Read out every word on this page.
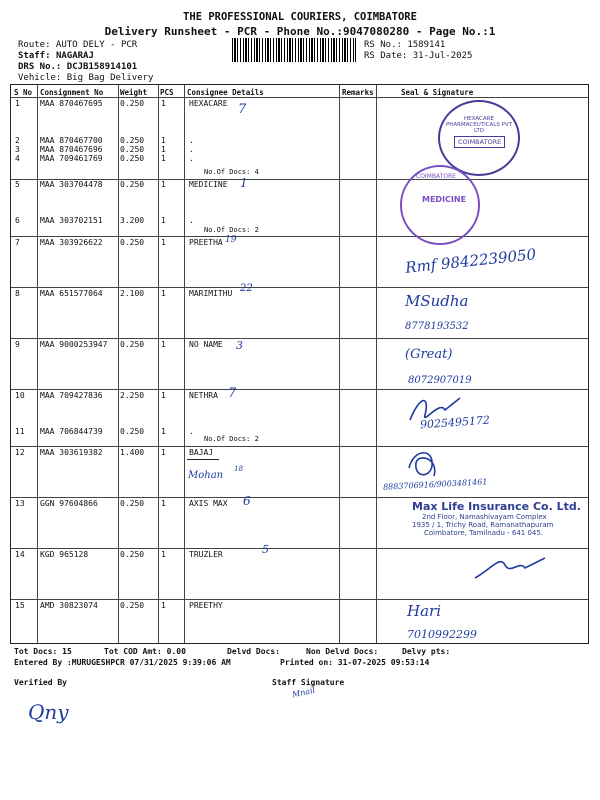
THE PROFESSIONAL COURIERS, COIMBATORE
Delivery Runsheet - PCR - Phone No.:9047080280 - Page No.:1
Route: AUTO DELY - PCR
Staff: NAGARAJ
DRS No.: DCJB158914101
Vehicle: Big Bag Delivery
RS No.: 1589141
RS Date: 31-Jul-2025
S No Consignment No Weight PCS Consignee Details	Remarks	Seal & Signature
1	MAA 870467695 0.250 1	HEXACARE
2	MAA 870467700 0.250 1	.
3	MAA 870467696 0.250 1	.
4	MAA 709461769 0.250 1	.
5	MAA 303704478 0.250 1	MEDICINE
6	MAA 303702151 3.200 1	.
7	MAA 303926622 0.250 1	PREETHA
8	MAA 651577064 2.100 1	MARIMITHU
9	MAA 9000253947 0.250 1	NO NAME
10 MAA 709427836 2.250 1	NETHRA
11 MAA 706844739 0.250 1	.
12 MAA 303619382 1.400 1	BAJAJ
13 GGN 97604866	0.250 1	AXIS MAX
14 KGD 965128	0.250 1	TRUZLER
15 AMD 30823074	0.250 1	PREETHY
No.Of Docs: 4
No.Of Docs: 2
No.Of Docs: 2
7
1
19
Rmf 9842239050
22
MSudha
8778193532
3
(Great)
8072907019
7
9025495172
Mohan
18
8883706916/9003481461
6
5
Hari
7010992299
HEXACARE PHARMACEUTICALS PVT LTD
COIMBATORE
COIMBATORE
MEDICINE
Max Life Insurance Co. Ltd.
2nd Floor, Namashivayam Complex
1935 / 1, Trichy Road, Ramanathapuram
Coimbatore, Tamilnadu - 641 045.
Tot Docs: 15	Tot COD Amt: 0.00	Delvd Docs:	Non Delvd Docs:	Delvy pts:
Entered By :MURUGESHPCR 07/31/2025 9:39:06 AM	Printed on: 31-07-2025 09:53:14
Verified By	Staff Signature
Qny
Mnail
